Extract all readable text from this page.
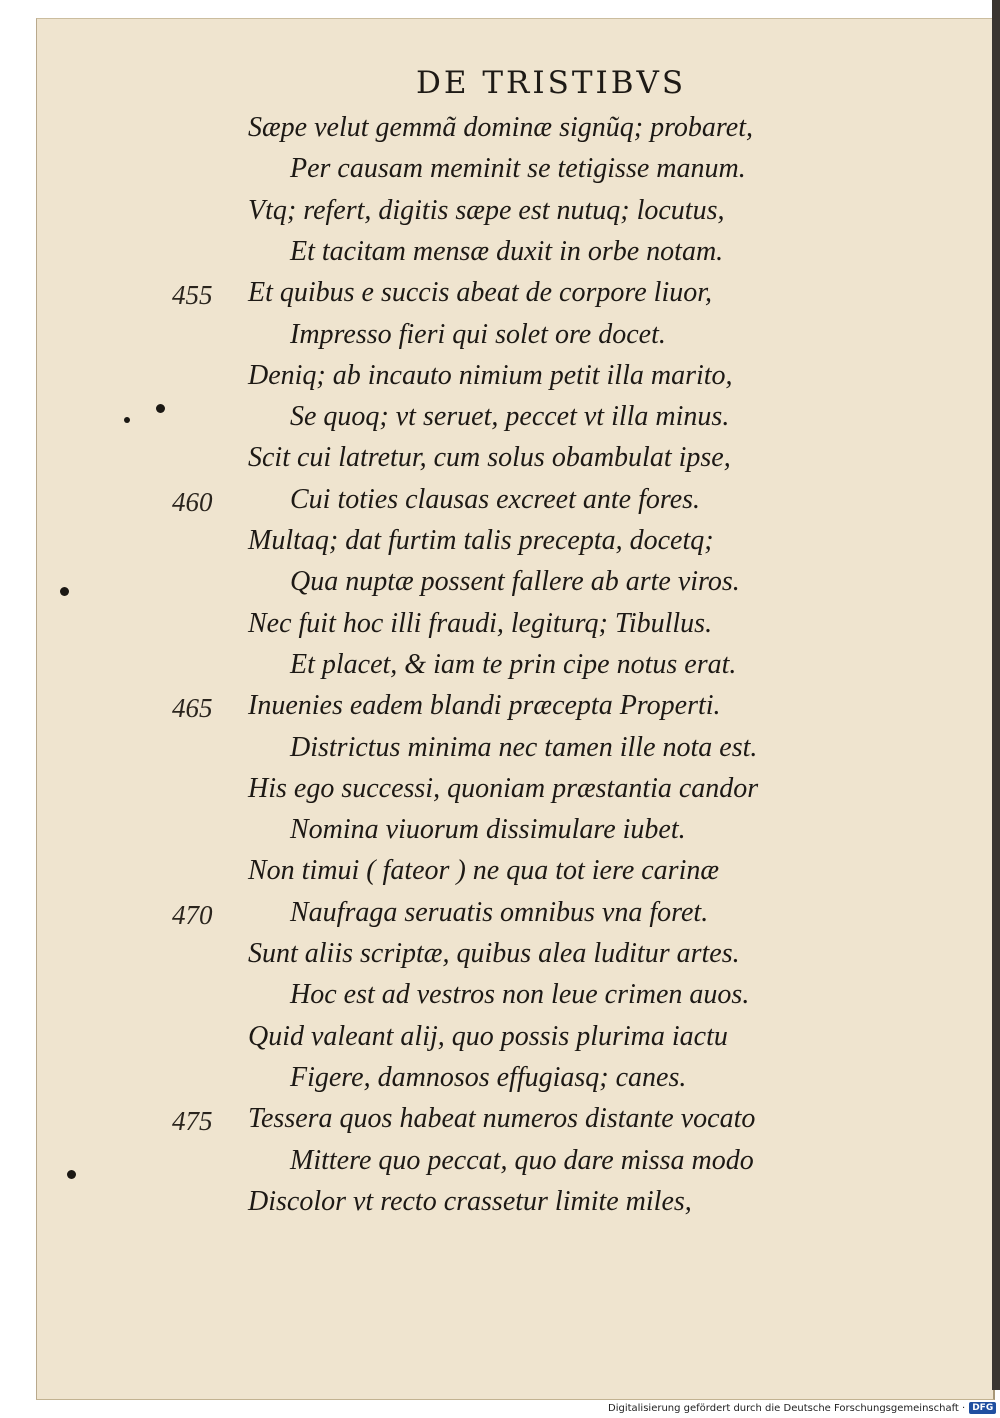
DE TRISTIBVS
Sæpe velut gemmã dominæ signũq; probaret,
Per causam meminit se tetigisse manum.
Vtq; refert, digitis sæpe est nutuq; locutus,
Et tacitam mensæ duxit in orbe notam.
Et quibus e succis abeat de corpore liuor,
Impresso fieri qui solet ore docet.
Deniq; ab incauto nimium petit illa marito,
Se quoq; vt seruet, peccet vt illa minus.
Scit cui latretur, cum solus obambulat ipse,
Cui toties clausas excreet ante fores.
Multaq; dat furtim talis precepta, docetq;
Qua nuptæ possent fallere ab arte viros.
Nec fuit hoc illi fraudi, legiturq; Tibullus.
Et placet, & iam te prin cipe notus erat.
Inuenies eadem blandi præcepta Properti.
Districtus minima nec tamen ille nota est.
His ego successi, quoniam præstantia candor
Nomina viuorum dissimulare iubet.
Non timui ( fateor ) ne qua tot iere carinæ
Naufraga seruatis omnibus vna foret.
Sunt aliis scriptæ, quibus alea luditur artes.
Hoc est ad vestros non leue crimen auos.
Quid valeant alij, quo possis plurima iactu
Figere, damnosos effugiasq; canes.
Tessera quos habeat numeros distante vocato
Mittere quo peccat, quo dare missa modo
Discolor vt recto crassetur limite miles,
455
460
465
470
475
Digitalisierung gefördert durch die Deutsche Forschungsgemeinschaft · DFG
